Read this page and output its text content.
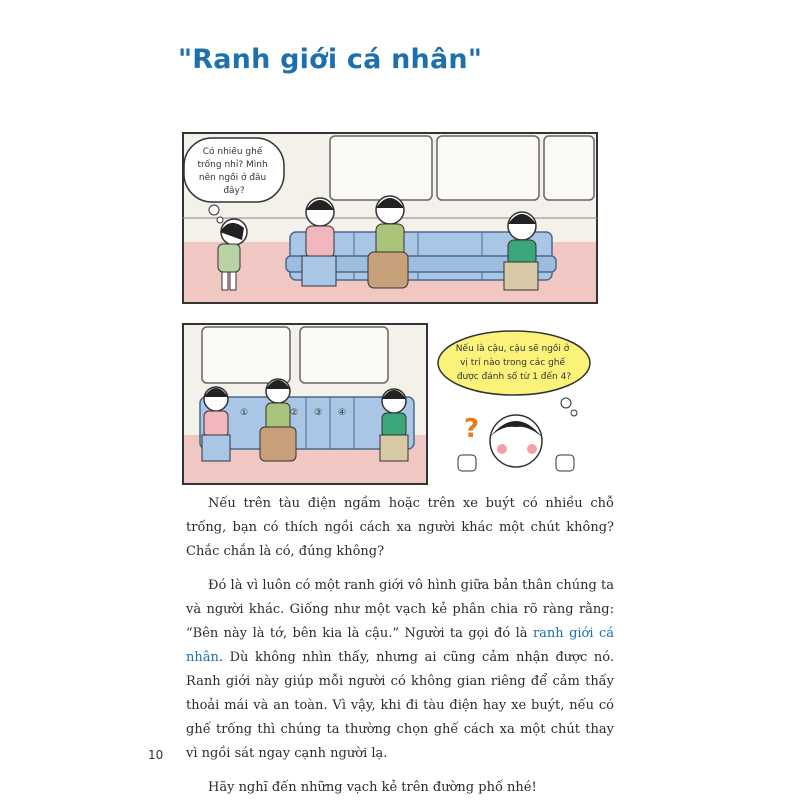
"Ranh giới cá nhân"
Có nhiều ghế trống nhỉ? Mình nên ngồi ở đâu đây?
①	② ③ ④
Nếu là cậu, cậu sẽ ngồi ở vị trí nào trong các ghế được đánh số từ 1 đến 4?
?

Nếu trên tàu điện ngầm hoặc trên xe buýt có nhiều chỗ trống, bạn có thích ngồi cách xa người khác một chút không? Chắc chắn là có, đúng không?

Đó là vì luôn có một ranh giới vô hình giữa bản thân chúng ta và người khác. Giống như một vạch kẻ phân chia rõ ràng rằng: “Bên này là tớ, bên kia là cậu.” Người ta gọi đó là ranh giới cá nhân. Dù không nhìn thấy, nhưng ai cũng cảm nhận được nó. Ranh giới này giúp mỗi người có không gian riêng để cảm thấy thoải mái và an toàn. Vì vậy, khi đi tàu điện hay xe buýt, nếu có ghế trống thì chúng ta thường chọn ghế cách xa một chút thay vì ngồi sát ngay cạnh người lạ.

Hãy nghĩ đến những vạch kẻ trên đường phố nhé!

10
